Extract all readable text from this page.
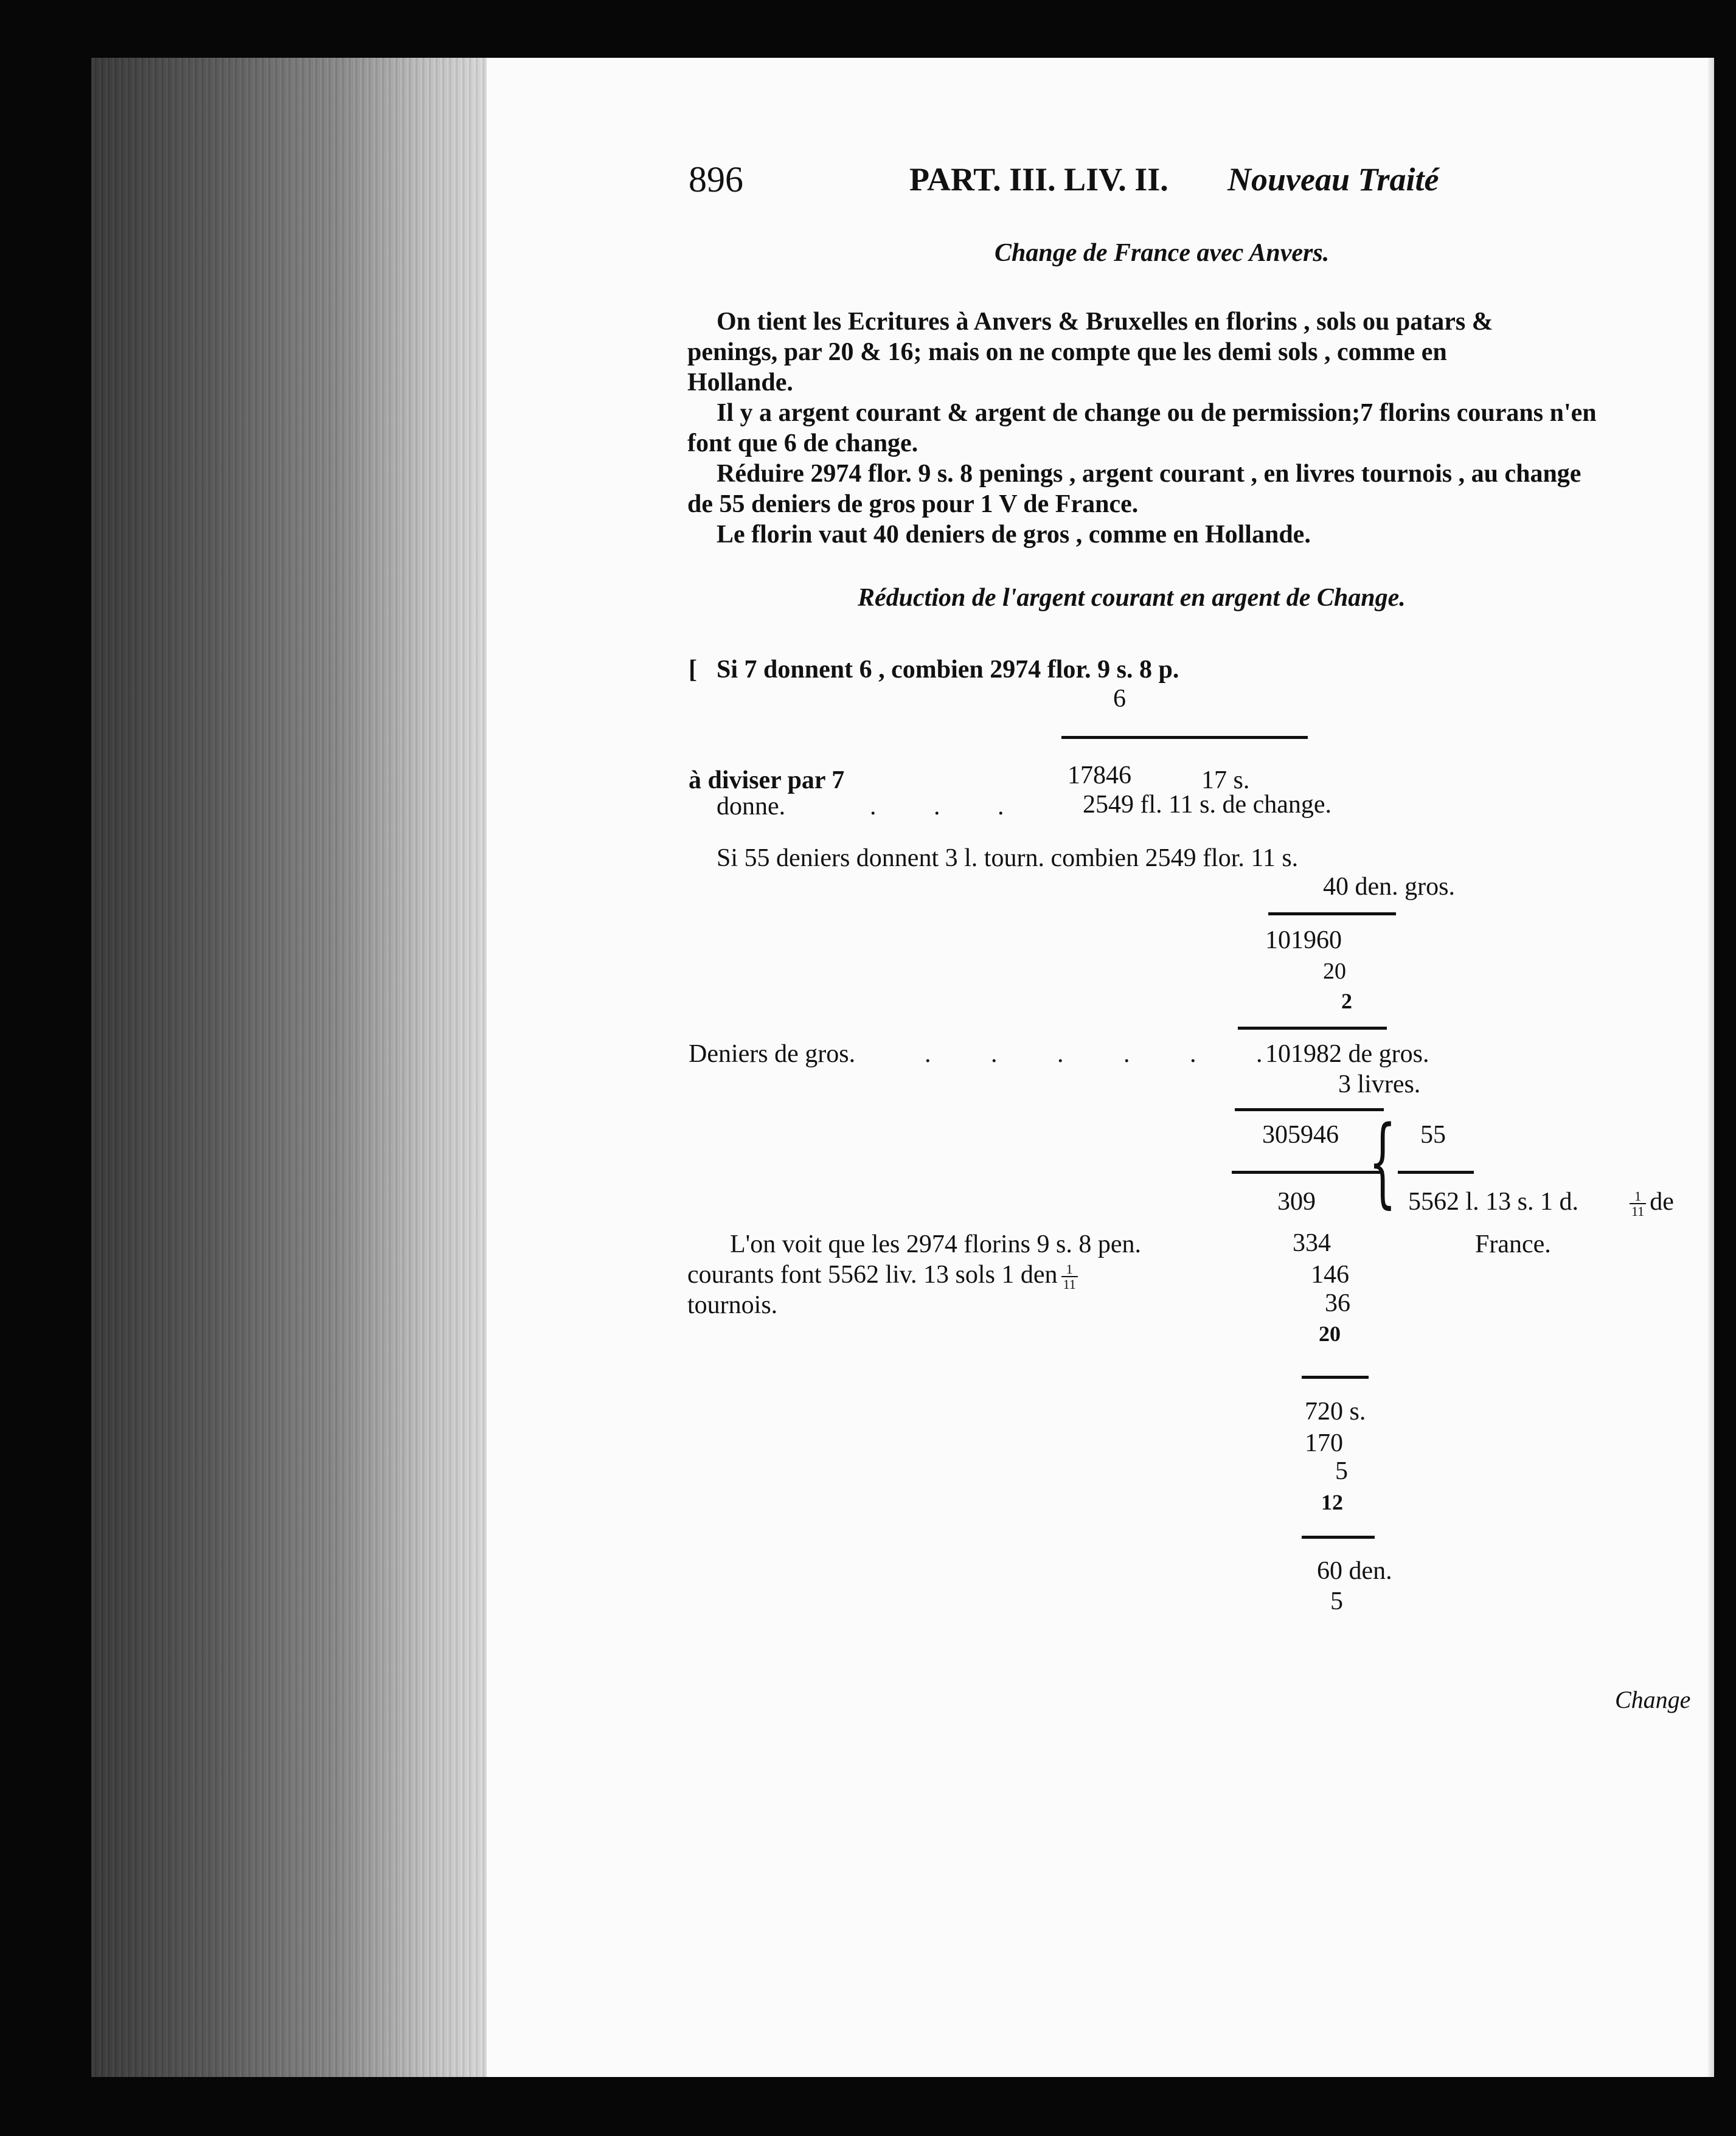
896	PART. III. LIV. II. Nouveau Traité
Change de France avec Anvers.
On tient les Ecritures à Anvers & Bruxelles en florins , sols ou patars &
penings, par 20 & 16; mais on ne compte que les demi sols , comme en
Hollande.
Il y a argent courant & argent de change ou de permission;7 florins courans n'en
font que 6 de change.
Réduire 2974 flor. 9 s. 8 penings , argent courant , en livres tournois , au change
de 55 deniers de gros pour 1 V de France.
Le florin vaut 40 deniers de gros , comme en Hollande.
Réduction de l'argent courant en argent de Change.
[ Si 7 donnent 6 , combien 2974 flor. 9 s. 8 p.
6
à diviser par 7	17846	17 s.
donne.	. . . 2549 fl. 11 s. de change.
Si 55 deniers donnent 3 l. tourn. combien 2549 flor. 11 s.
40 den. gros.
101960
20
2
Deniers de gros.	. . . . . .
101982 de gros.
3 livres.
305946	55
{
309	5562 l. 13 s. 1 d.	$\frac{1}{11}$ de
France.
334
146
36
20
720 s.
170
5
12
60 den.
5
L'on voit que les 2974 florins 9 s. 8 pen.
courants font 5562 liv. 13 sols 1 den $\frac{1}{11}$
tournois.
Change
